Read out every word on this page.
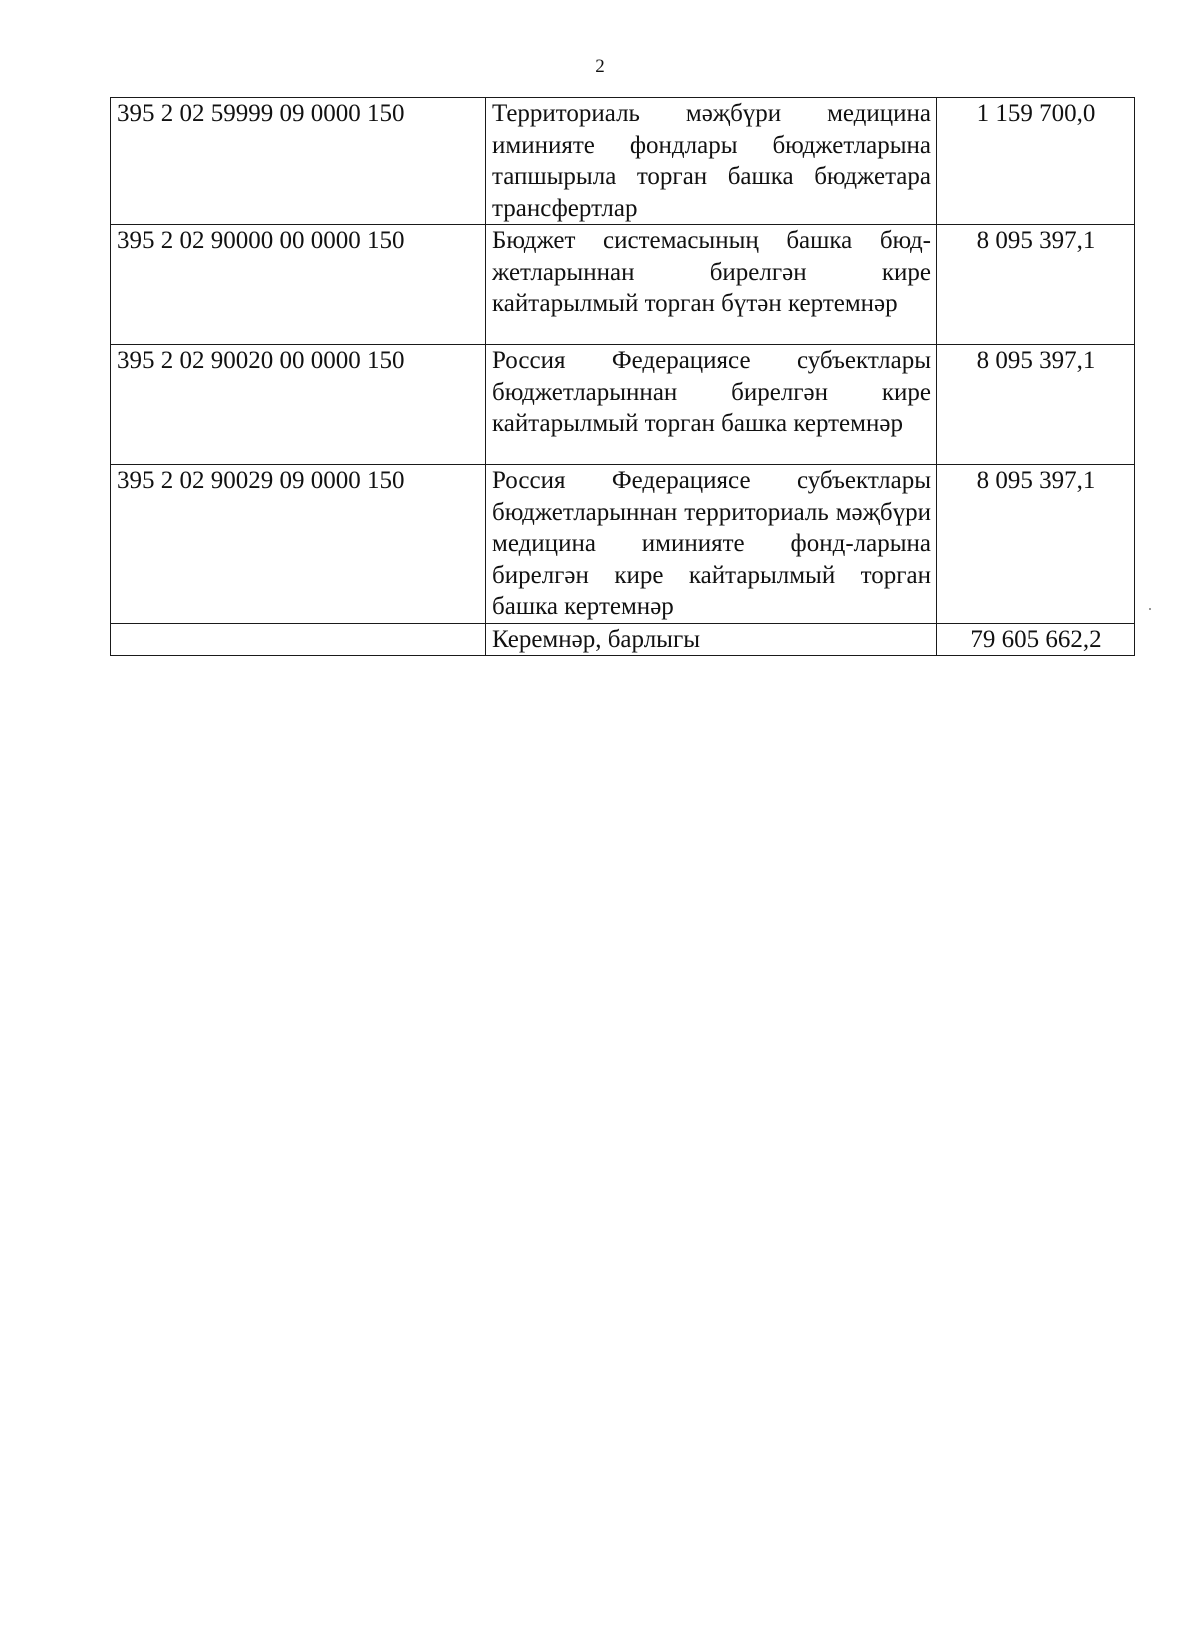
2
395 2 02 59999 09 0000 150	Территориаль мәҗбүри медицина иминияте фондлары бюджетларына тапшырыла торган башка бюджетара трансфертлар	1 159 700,0
395 2 02 90000 00 0000 150	Бюджет системасының башка бюд-жетларыннан бирелгән кире кайтарылмый торган бүтән кертемнәр	8 095 397,1
395 2 02 90020 00 0000 150	Россия Федерациясе субъектлары бюджетларыннан бирелгән кире кайтарылмый торган башка кертемнәр	8 095 397,1
395 2 02 90029 09 0000 150	Россия Федерациясе субъектлары бюджетларыннан территориаль мәҗбүри медицина иминияте фонд-ларына бирелгән кире кайтарылмый торган башка кертемнәр	8 095 397,1
	Керемнәр, барлыгы	79 605 662,2
